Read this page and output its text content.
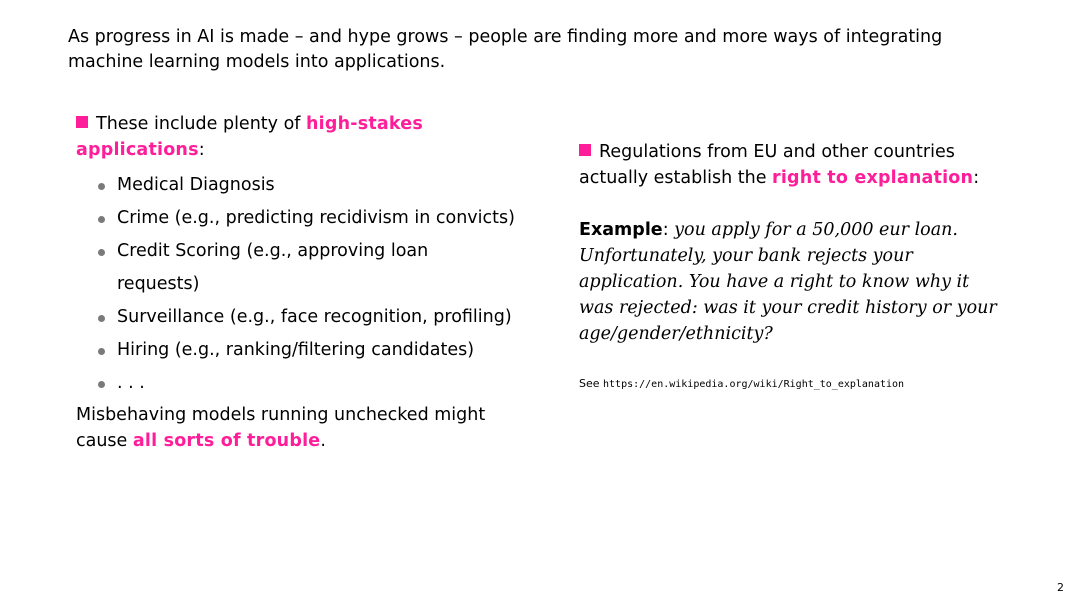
As progress in AI is made – and hype grows – people are finding more and more ways of integrating machine learning models into applications.

These include plenty of high-stakes applications:

Medical Diagnosis
Crime (e.g., predicting recidivism in convicts)
Credit Scoring (e.g., approving loan requests)
Surveillance (e.g., face recognition, profiling)
Hiring (e.g., ranking/filtering candidates)
. . .

Misbehaving models running unchecked might cause all sorts of trouble.

Regulations from EU and other countries actually establish the right to explanation:

Example: you apply for a 50,000 eur loan. Unfortunately, your bank rejects your application. You have a right to know why it was rejected: was it your credit history or your age/gender/ethnicity?

See https://en.wikipedia.org/wiki/Right_to_explanation

2
